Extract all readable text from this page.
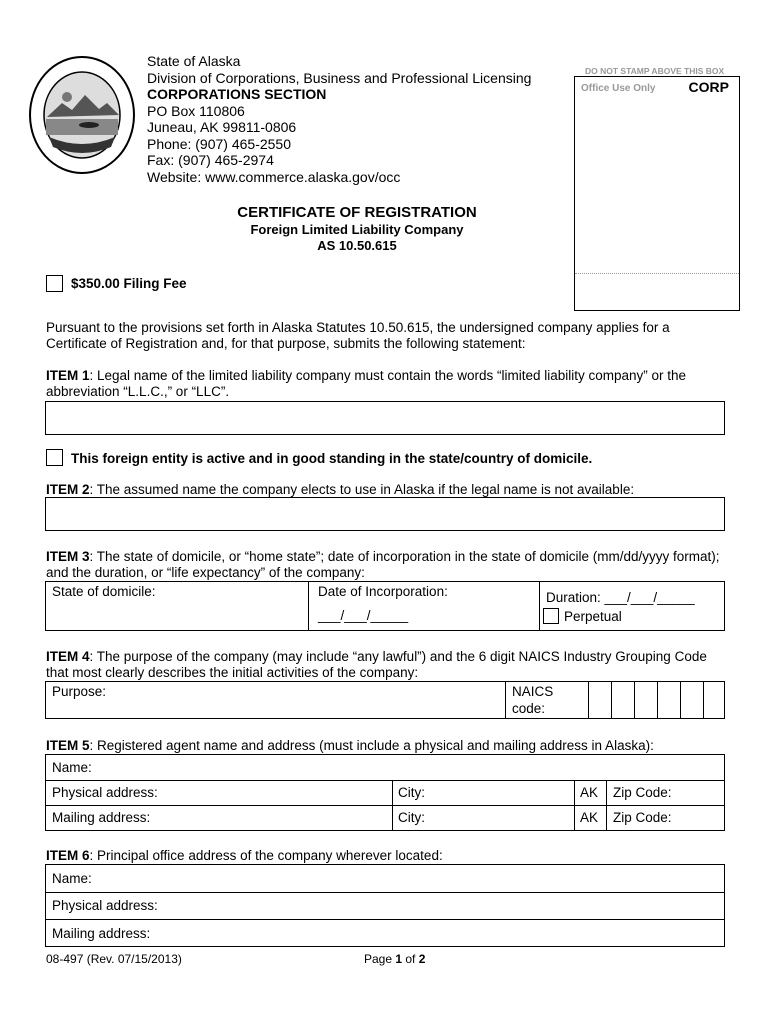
State of Alaska
Division of Corporations, Business and Professional Licensing
CORPORATIONS SECTION
PO Box 110806
Juneau, AK 99811-0806
Phone: (907) 465-2550
Fax: (907) 465-2974
Website: www.commerce.alaska.gov/occ
DO NOT STAMP ABOVE THIS BOX
Office Use Only CORP
CERTIFICATE OF REGISTRATION
Foreign Limited Liability Company
AS 10.50.615
$350.00 Filing Fee
Pursuant to the provisions set forth in Alaska Statutes 10.50.615, the undersigned company applies for a Certificate of Registration and, for that purpose, submits the following statement:
ITEM 1: Legal name of the limited liability company must contain the words “limited liability company” or the abbreviation “L.L.C.,” or “LLC”.
This foreign entity is active and in good standing in the state/country of domicile.
ITEM 2: The assumed name the company elects to use in Alaska if the legal name is not available:
ITEM 3: The state of domicile, or “home state”; date of incorporation in the state of domicile (mm/dd/yyyy format); and the duration, or “life expectancy” of the company:
State of domicile:	Date of Incorporation:
___/___/_____
Duration: ___/___/_____
Perpetual
ITEM 4: The purpose of the company (may include “any lawful”) and the 6 digit NAICS Industry Grouping Code that most clearly describes the initial activities of the company:
Purpose:	NAICS
code:
ITEM 5: Registered agent name and address (must include a physical and mailing address in Alaska):
Name:
Physical address:	City:	AK Zip Code:
Mailing address:	City:	AK Zip Code:
ITEM 6: Principal office address of the company wherever located:
Name:
Physical address:
Mailing address:
08-497 (Rev. 07/15/2013)	Page 1 of 2
